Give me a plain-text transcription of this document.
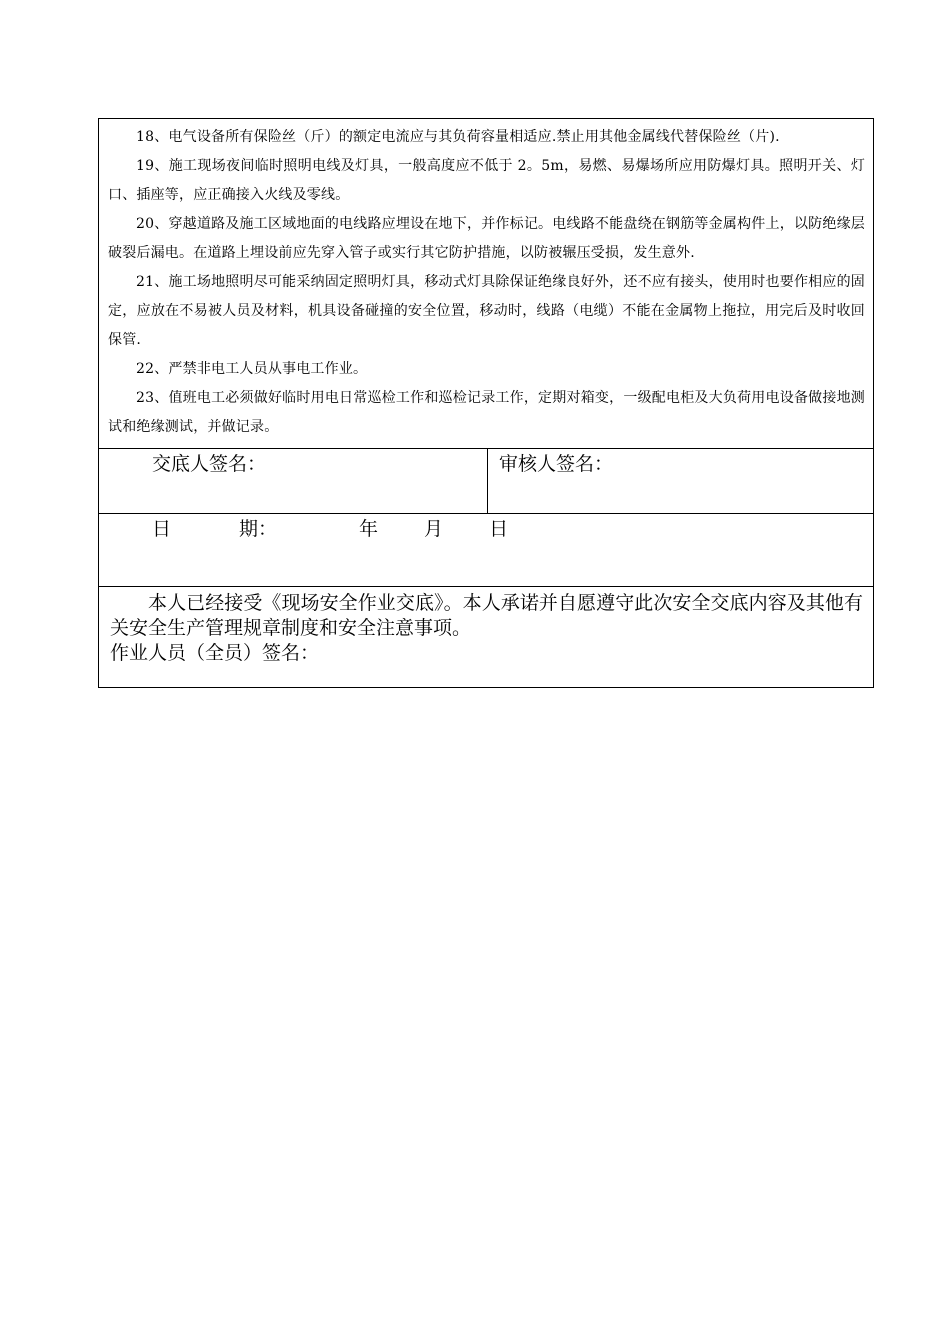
18、电气设备所有保险丝（斤）的额定电流应与其负荷容量相适应.禁止用其他金属线代替保险丝（片).

19、施工现场夜间临时照明电线及灯具，一般高度应不低于 2。5m，易燃、易爆场所应用防爆灯具。照明开关、灯口、插座等，应正确接入火线及零线。

20、穿越道路及施工区域地面的电线路应埋设在地下，并作标记。电线路不能盘绕在钢筋等金属构件上，以防绝缘层破裂后漏电。在道路上埋设前应先穿入管子或实行其它防护措施，以防被辗压受损，发生意外.

21、施工场地照明尽可能采纳固定照明灯具，移动式灯具除保证绝缘良好外，还不应有接头，使用时也要作相应的固定，应放在不易被人员及材料，机具设备碰撞的安全位置，移动时，线路（电缆）不能在金属物上拖拉，用完后及时收回保管.

22、严禁非电工人员从事电工作业。

23、值班电工必须做好临时用电日常巡检工作和巡检记录工作，定期对箱变，一级配电柜及大负荷用电设备做接地测试和绝缘测试，并做记录。

交底人签名：	审核人签名：
日	期：	年 月 日

本人已经接受《现场安全作业交底》。本人承诺并自愿遵守此次安全交底内容及其他有关安全生产管理规章制度和安全注意事项。

作业人员（全员）签名：
